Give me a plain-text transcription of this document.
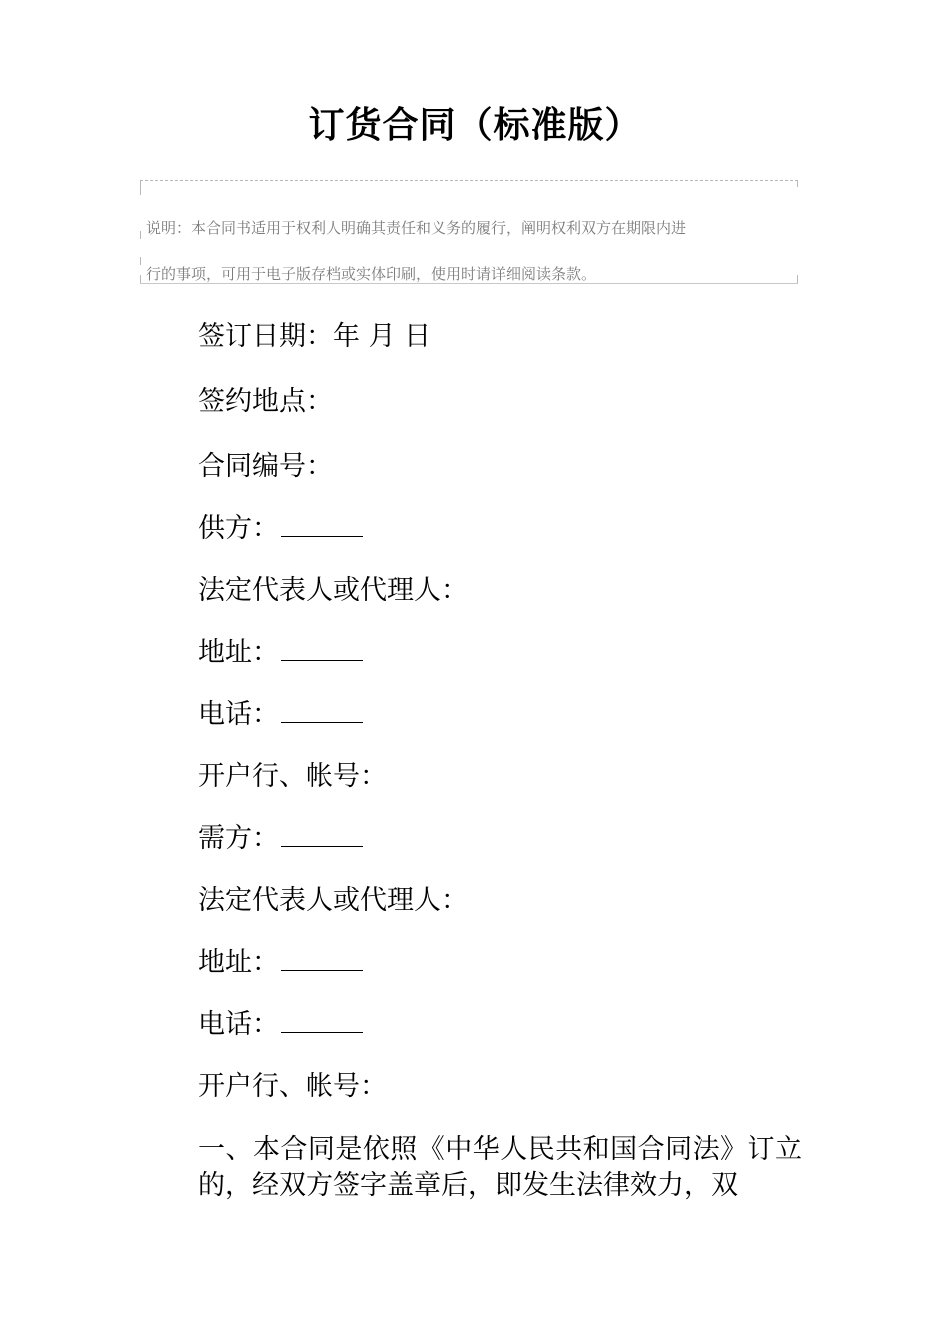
订货合同（标准版）
说明：本合同书适用于权利人明确其责任和义务的履行，阐明权利双方在期限内进
行的事项，可用于电子版存档或实体印刷，使用时请详细阅读条款。
签订日期：年 月 日
签约地点：
合同编号：
供方：
法定代表人或代理人：
地址：
电话：
开户行、帐号：
需方：
法定代表人或代理人：
地址：
电话：
开户行、帐号：
一、本合同是依照《中华人民共和国合同法》订立的，经双方签字盖章后，即发生法律效力，双
